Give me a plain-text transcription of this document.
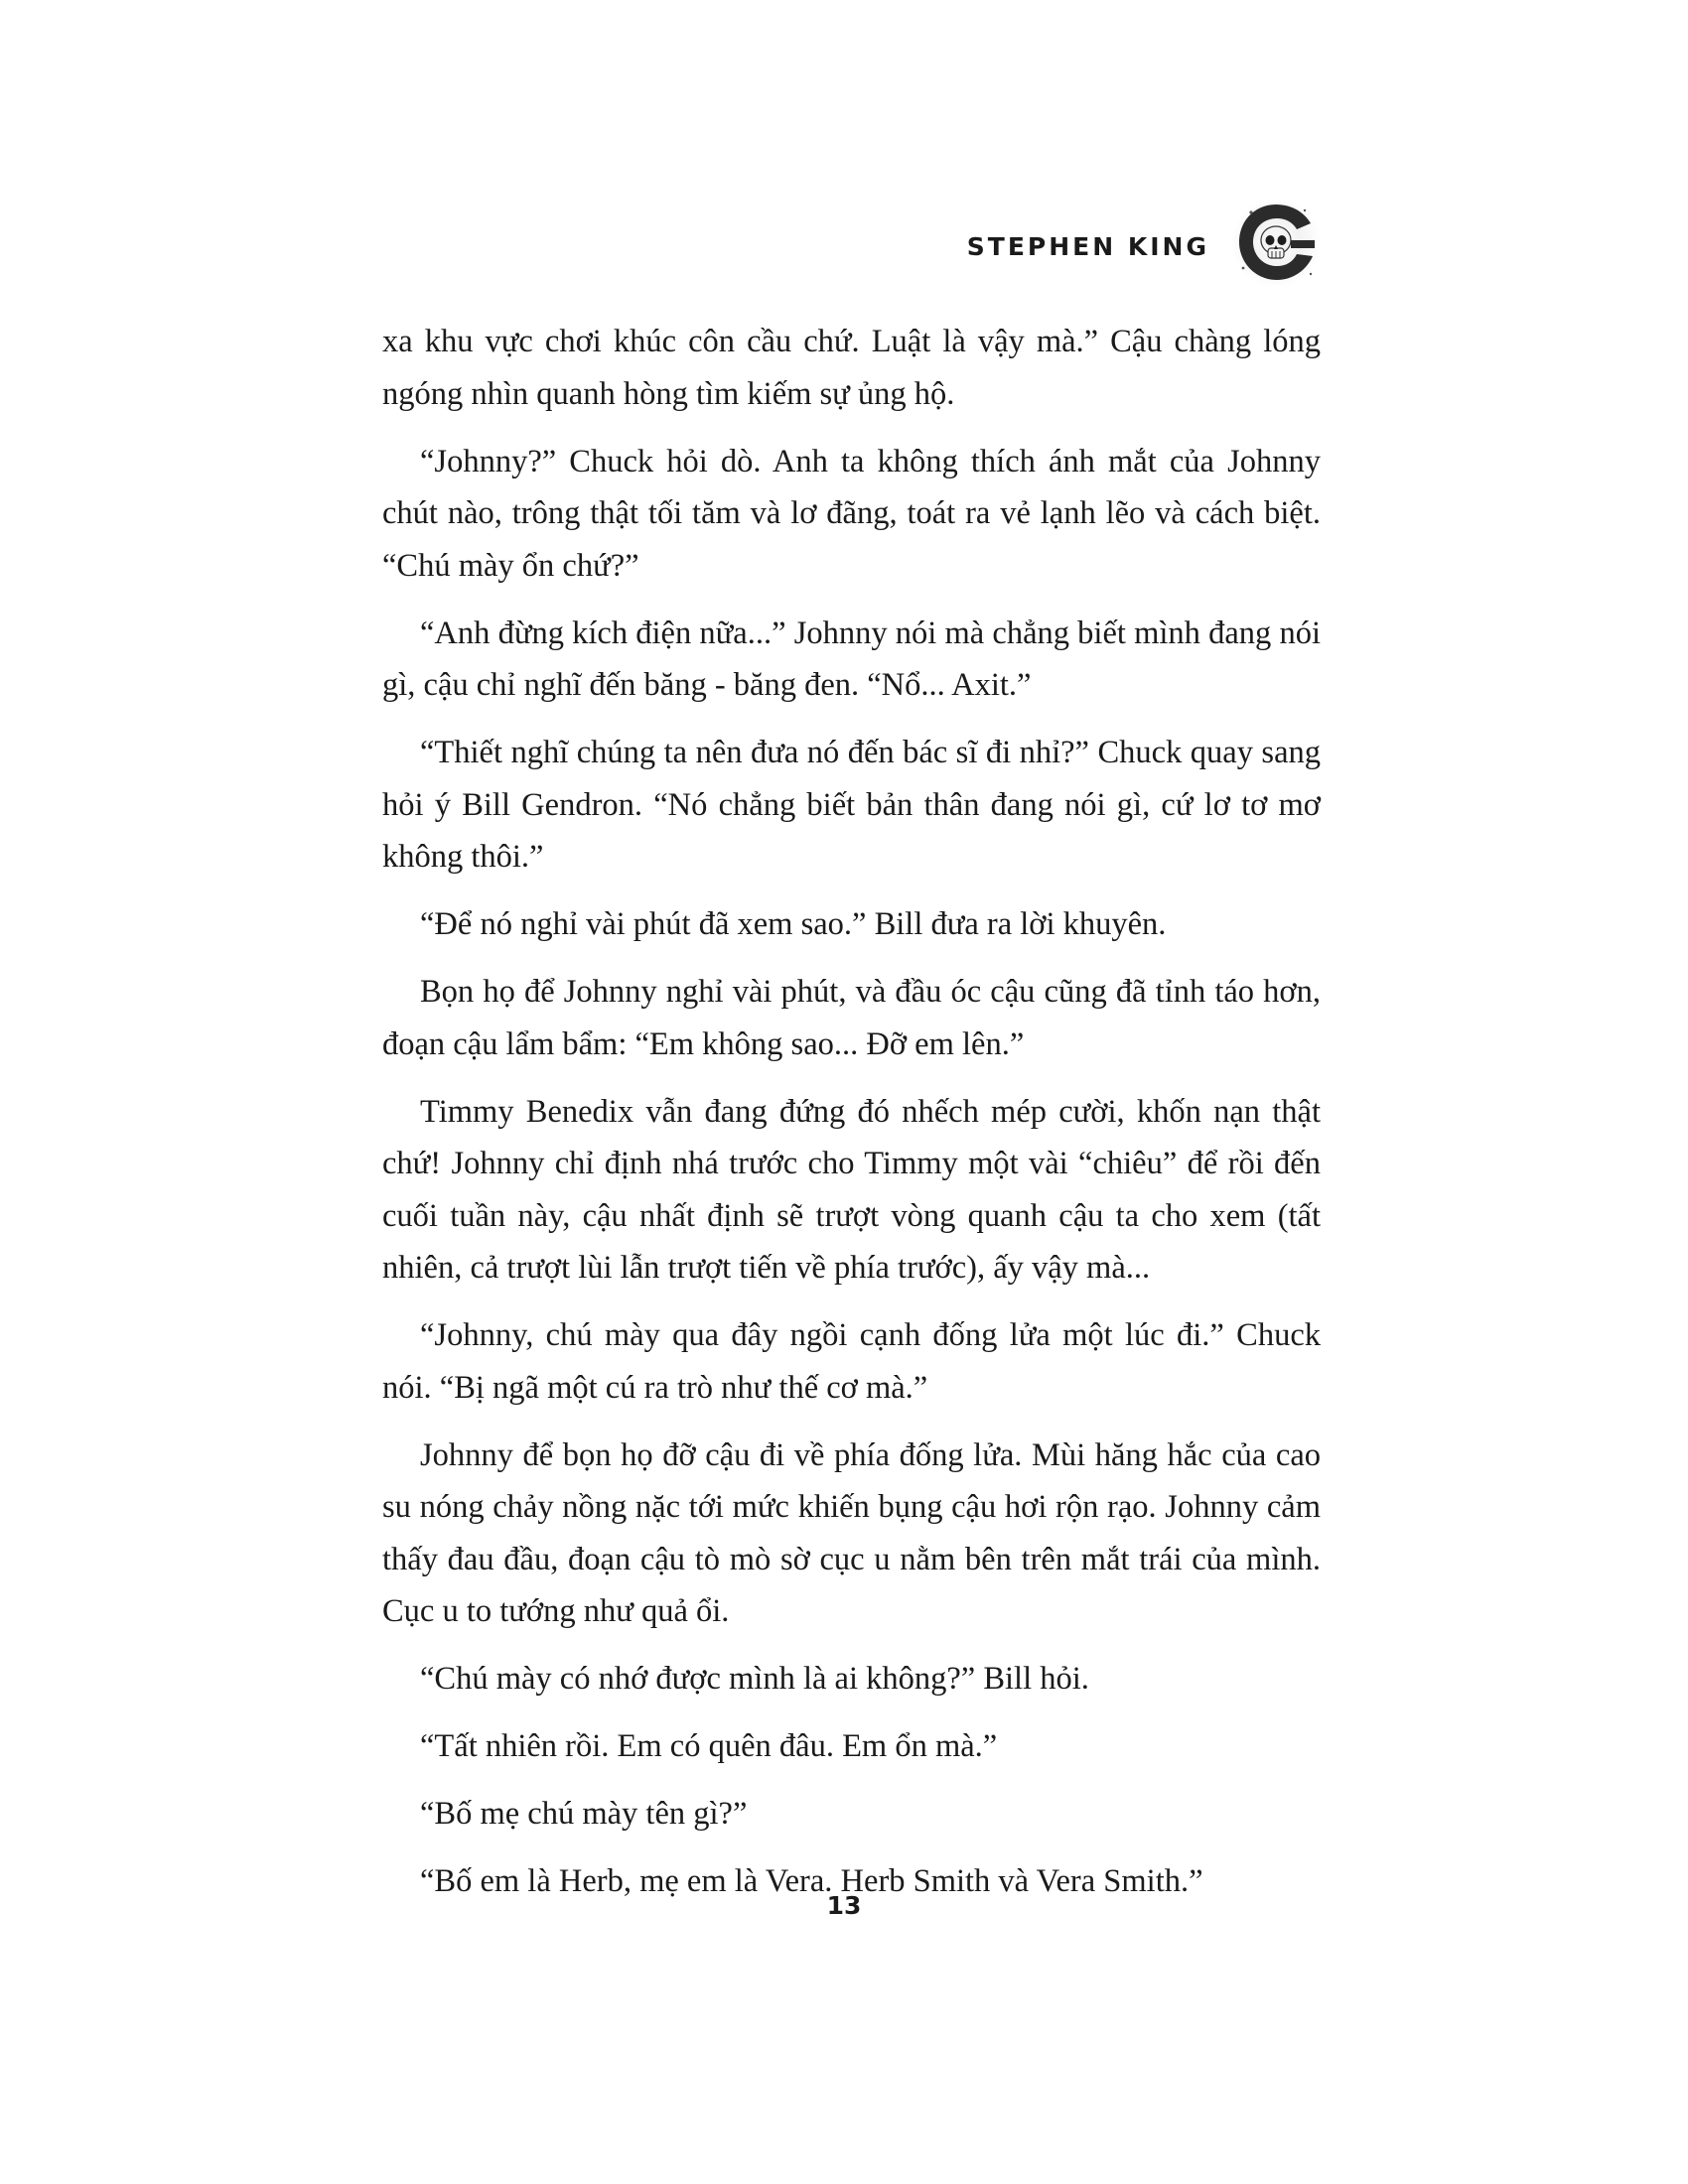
STEPHEN KING

xa khu vực chơi khúc côn cầu chứ. Luật là vậy mà.” Cậu chàng lóng ngóng nhìn quanh hòng tìm kiếm sự ủng hộ.

“Johnny?” Chuck hỏi dò. Anh ta không thích ánh mắt của Johnny chút nào, trông thật tối tăm và lơ đãng, toát ra vẻ lạnh lẽo và cách biệt. “Chú mày ổn chứ?”

“Anh đừng kích điện nữa...” Johnny nói mà chẳng biết mình đang nói gì, cậu chỉ nghĩ đến băng - băng đen. “Nổ... Axit.”

“Thiết nghĩ chúng ta nên đưa nó đến bác sĩ đi nhỉ?” Chuck quay sang hỏi ý Bill Gendron. “Nó chẳng biết bản thân đang nói gì, cứ lơ tơ mơ không thôi.”

“Để nó nghỉ vài phút đã xem sao.” Bill đưa ra lời khuyên.

Bọn họ để Johnny nghỉ vài phút, và đầu óc cậu cũng đã tỉnh táo hơn, đoạn cậu lẩm bẩm: “Em không sao... Đỡ em lên.”

Timmy Benedix vẫn đang đứng đó nhếch mép cười, khốn nạn thật chứ! Johnny chỉ định nhá trước cho Timmy một vài “chiêu” để rồi đến cuối tuần này, cậu nhất định sẽ trượt vòng quanh cậu ta cho xem (tất nhiên, cả trượt lùi lẫn trượt tiến về phía trước), ấy vậy mà...

“Johnny, chú mày qua đây ngồi cạnh đống lửa một lúc đi.” Chuck nói. “Bị ngã một cú ra trò như thế cơ mà.”

Johnny để bọn họ đỡ cậu đi về phía đống lửa. Mùi hăng hắc của cao su nóng chảy nồng nặc tới mức khiến bụng cậu hơi rộn rạo. Johnny cảm thấy đau đầu, đoạn cậu tò mò sờ cục u nằm bên trên mắt trái của mình. Cục u to tướng như quả ổi.

“Chú mày có nhớ được mình là ai không?” Bill hỏi.

“Tất nhiên rồi. Em có quên đâu. Em ổn mà.”

“Bố mẹ chú mày tên gì?”

“Bố em là Herb, mẹ em là Vera. Herb Smith và Vera Smith.”

13
